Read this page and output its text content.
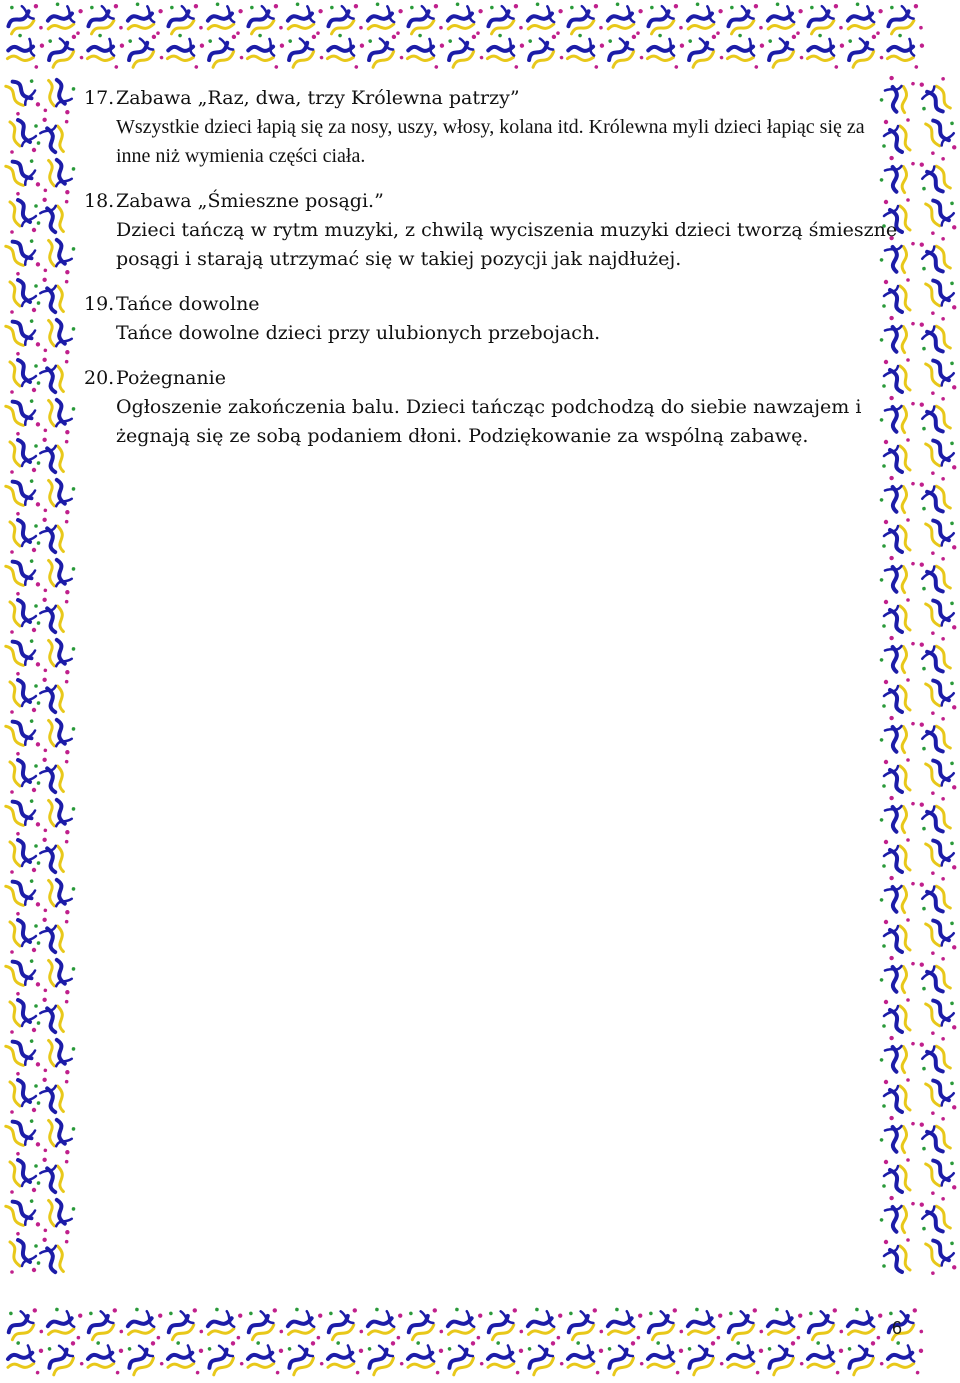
17.Zabawa „Raz, dwa, trzy Królewna patrzy”
Wszystkie dzieci łapią się za nosy, uszy, włosy, kolana itd. Królewna myli dzieci łapiąc się za inne niż wymienia części ciała.
18.Zabawa „Śmieszne posągi.”
Dzieci tańczą w rytm muzyki, z chwilą wyciszenia muzyki dzieci tworzą śmieszne posągi i starają utrzymać się w takiej pozycji jak najdłużej.
19.Tańce dowolne
Tańce dowolne dzieci przy ulubionych przebojach.
20.Pożegnanie
Ogłoszenie zakończenia balu. Dzieci tańcząc podchodzą do siebie nawzajem i żegnają się ze sobą podaniem dłoni. Podziękowanie za wspólną zabawę.
6
